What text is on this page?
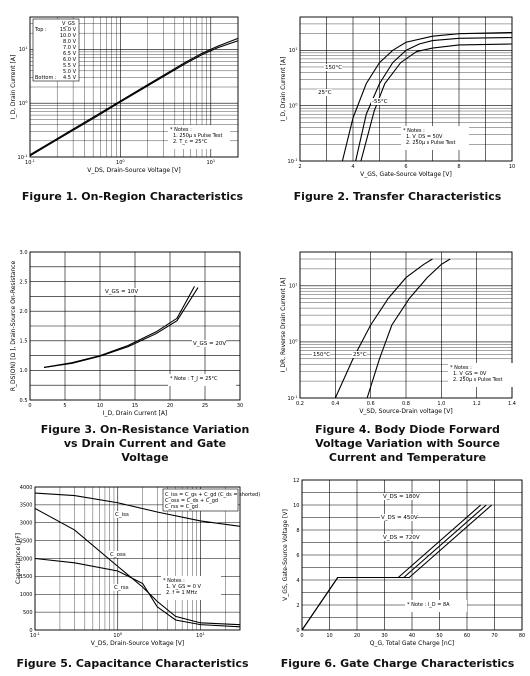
$10^{-1}$	$10^0$	$10^1$
$10^{-1}$
$10^0$
$10^1$
V_DS, Drain-Source Voltage [V]
I_D, Drain Current [A]
* Notes :
1. 250μ s Pulse Test
2. T_c = 25°C
V_GS
Top :	15.0 V
10.0 V
8.0 V
7.0 V
6.5 V
6.0 V
5.5 V
5.0 V
Bottom : 4.5 V
2	4	6	8	10
$10^{-1}$
$10^0$
$10^1$
V_GS, Gate-Source Voltage [V]
I_D, Drain Current [A]
* Notes :
1. V_DS = 50V
2. 250μ s Pulse Test
150°C
25°C
-55°C
0	5	10	15	20	25	30
0.5
1.0
1.5
2.0
2.5
3.0
I_D, Drain Current [A]
R_DS(ON) [Ω ], Drain-Source On-Resistance	* Note : T_J = 25°C
V_GS = 10V
V_GS = 20V
0.2	0.4	0.6	0.8	1.0	1.2	1.4
$10^{-1}$
$10^0$
$10^1$
V_SD, Source-Drain voltage [V]
I_DR, Reverse Drain Current [A]	* Notes :
1. V_GS = 0V
2. 250μ s Pulse Test
150°C	25°C
$10^{-1}$	$10^0$	$10^1$
0
500
1000
1500
2000
2500
3000
3500
4000
V_DS, Drain-Source Voltage [V]
Capacitance [pF]	* Notes :
1. V_GS = 0 V
2. f = 1 MHz
C_iss = C_gs + C_gd (C_ds = shorted)
C_oss = C_ds + C_gd
C_rss = C_gd
C_iss
C_oss
C_rss
0	10	20	30	40	50	60	70	80
0
2
4
6
8
10
12
Q_G, Total Gate Charge [nC]
V_GS, Gate-Source Voltage [V]
* Note : I_D = 8A
V_DS = 180V
V_DS = 450V
V_DS = 720V
Figure 1. On-Region Characteristics	Figure 2. Transfer Characteristics
Figure 3. On-Resistance Variation vs Drain Current and Gate Voltage
Figure 4. Body Diode Forward Voltage Variation with Source Current and Temperature
Figure 5. Capacitance Characteristics	Figure 6. Gate Charge Characteristics
